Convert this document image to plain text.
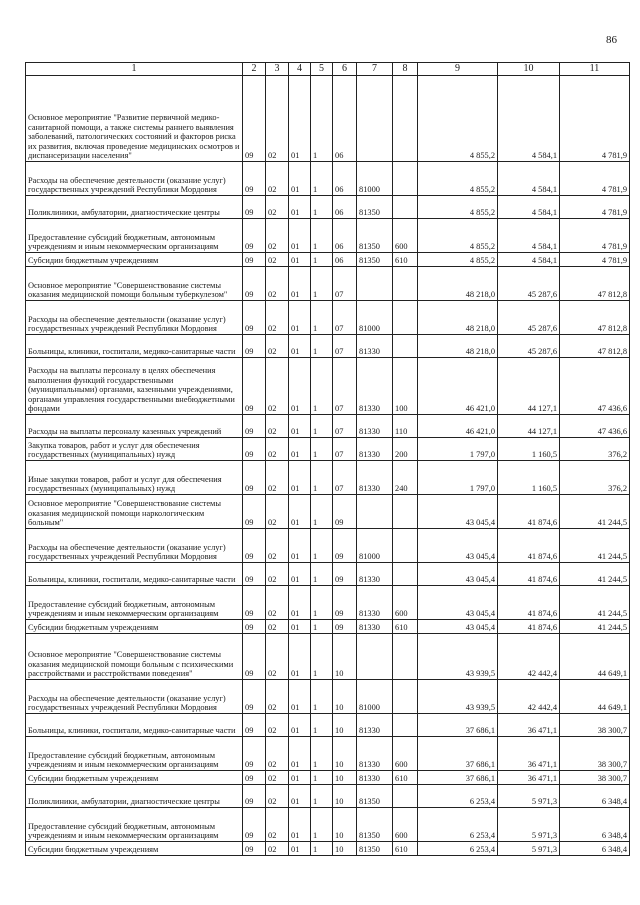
86
1	2	3	4	5	6	7	8	9	10	11
Основное мероприятие "Развитие первичной медико-санитарной помощи, а также системы раннего выявления заболеваний, патологических состояний и факторов риска их развития, включая проведение медицинских осмотров и диспансеризации населения"	09	02	01	1	06			4 855,2	4 584,1	4 781,9
Расходы на обеспечение деятельности (оказание услуг) государственных учреждений Республики Мордовия	09	02	01	1	06	81000		4 855,2	4 584,1	4 781,9
Поликлиники, амбулатории, диагностические центры	09	02	01	1	06	81350		4 855,2	4 584,1	4 781,9
Предоставление субсидий бюджетным, автономным учреждениям и иным некоммерческим организациям	09	02	01	1	06	81350	600	4 855,2	4 584,1	4 781,9
Субсидии бюджетным учреждениям	09	02	01	1	06	81350	610	4 855,2	4 584,1	4 781,9
Основное мероприятие "Совершенствование системы оказания медицинской помощи больным туберкулезом"	09	02	01	1	07			48 218,0	45 287,6	47 812,8
Расходы на обеспечение деятельности (оказание услуг) государственных учреждений Республики Мордовия	09	02	01	1	07	81000		48 218,0	45 287,6	47 812,8
Больницы, клиники, госпитали, медико-санитарные части	09	02	01	1	07	81330		48 218,0	45 287,6	47 812,8
Расходы на выплаты персоналу в целях обеспечения выполнения функций государственными (муниципальными) органами, казенными учреждениями, органами управления государственными внебюджетными фондами	09	02	01	1	07	81330	100	46 421,0	44 127,1	47 436,6
Расходы на выплаты персоналу казенных учреждений	09	02	01	1	07	81330	110	46 421,0	44 127,1	47 436,6
Закупка товаров, работ и услуг для обеспечения государственных (муниципальных) нужд	09	02	01	1	07	81330	200	1 797,0	1 160,5	376,2
Иные закупки товаров, работ и услуг для обеспечения государственных (муниципальных) нужд	09	02	01	1	07	81330	240	1 797,0	1 160,5	376,2
Основное мероприятие "Совершенствование системы оказания медицинской помощи наркологическим больным"	09	02	01	1	09			43 045,4	41 874,6	41 244,5
Расходы на обеспечение деятельности (оказание услуг) государственных учреждений Республики Мордовия	09	02	01	1	09	81000		43 045,4	41 874,6	41 244,5
Больницы, клиники, госпитали, медико-санитарные части	09	02	01	1	09	81330		43 045,4	41 874,6	41 244,5
Предоставление субсидий бюджетным, автономным учреждениям и иным некоммерческим организациям	09	02	01	1	09	81330	600	43 045,4	41 874,6	41 244,5
Субсидии бюджетным учреждениям	09	02	01	1	09	81330	610	43 045,4	41 874,6	41 244,5
Основное мероприятие "Совершенствование системы оказания медицинской помощи больным с психическими расстройствами и расстройствами поведения"	09	02	01	1	10			43 939,5	42 442,4	44 649,1
Расходы на обеспечение деятельности (оказание услуг) государственных учреждений Республики Мордовия	09	02	01	1	10	81000		43 939,5	42 442,4	44 649,1
Больницы, клиники, госпитали, медико-санитарные части	09	02	01	1	10	81330		37 686,1	36 471,1	38 300,7
Предоставление субсидий бюджетным, автономным учреждениям и иным некоммерческим организациям	09	02	01	1	10	81330	600	37 686,1	36 471,1	38 300,7
Субсидии бюджетным учреждениям	09	02	01	1	10	81330	610	37 686,1	36 471,1	38 300,7
Поликлиники, амбулатории, диагностические центры	09	02	01	1	10	81350		6 253,4	5 971,3	6 348,4
Предоставление субсидий бюджетным, автономным учреждениям и иным некоммерческим организациям	09	02	01	1	10	81350	600	6 253,4	5 971,3	6 348,4
Субсидии бюджетным учреждениям	09	02	01	1	10	81350	610	6 253,4	5 971,3	6 348,4
